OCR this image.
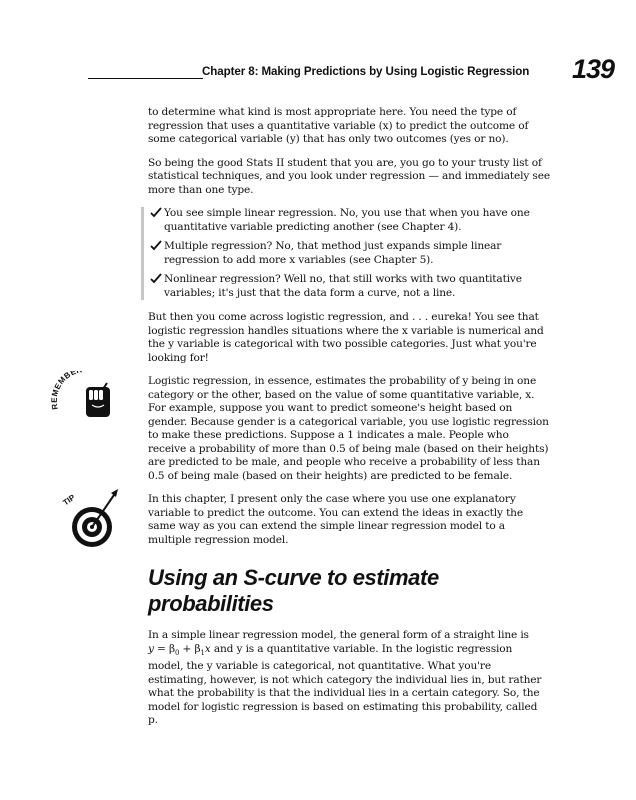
Chapter 8: Making Predictions by Using Logistic Regression 139

to determine what kind is most appropriate here. You need the type of regression that uses a quantitative variable (x) to predict the outcome of some categorical variable (y) that has only two outcomes (yes or no).

So being the good Stats II student that you are, you go to your trusty list of statistical techniques, and you look under regression — and immediately see more than one type.

You see simple linear regression. No, you use that when you have one quantitative variable predicting another (see Chapter 4).
Multiple regression? No, that method just expands simple linear regression to add more x variables (see Chapter 5).
Nonlinear regression? Well no, that still works with two quantitative variables; it's just that the data form a curve, not a line.

But then you come across logistic regression, and . . . eureka! You see that logistic regression handles situations where the x variable is numerical and the y variable is categorical with two possible categories. Just what you're looking for!

REMEMBE

Logistic regression, in essence, estimates the probability of y being in one category or the other, based on the value of some quantitative variable, x. For example, suppose you want to predict someone's height based on gender. Because gender is a categorical variable, you use logistic regression to make these predictions. Suppose a 1 indicates a male. People who receive a probability of more than 0.5 of being male (based on their heights) are predicted to be male, and people who receive a probability of less than 0.5 of being male (based on their heights) are predicted to be female.

TIP	In this chapter, I present only the case where you use one explanatory variable to predict the outcome. You can extend the ideas in exactly the same way as you can extend the simple linear regression model to a multiple regression model.

Using an S-curve to estimate probabilities

In a simple linear regression model, the general form of a straight line is
$y = \beta_0 + \beta_1x$ and y is a quantitative variable. In the logistic regression model, the y variable is categorical, not quantitative. What you're estimating, however, is not which category the individual lies in, but rather what the probability is that the individual lies in a certain category. So, the model for logistic regression is based on estimating this probability, called p.
